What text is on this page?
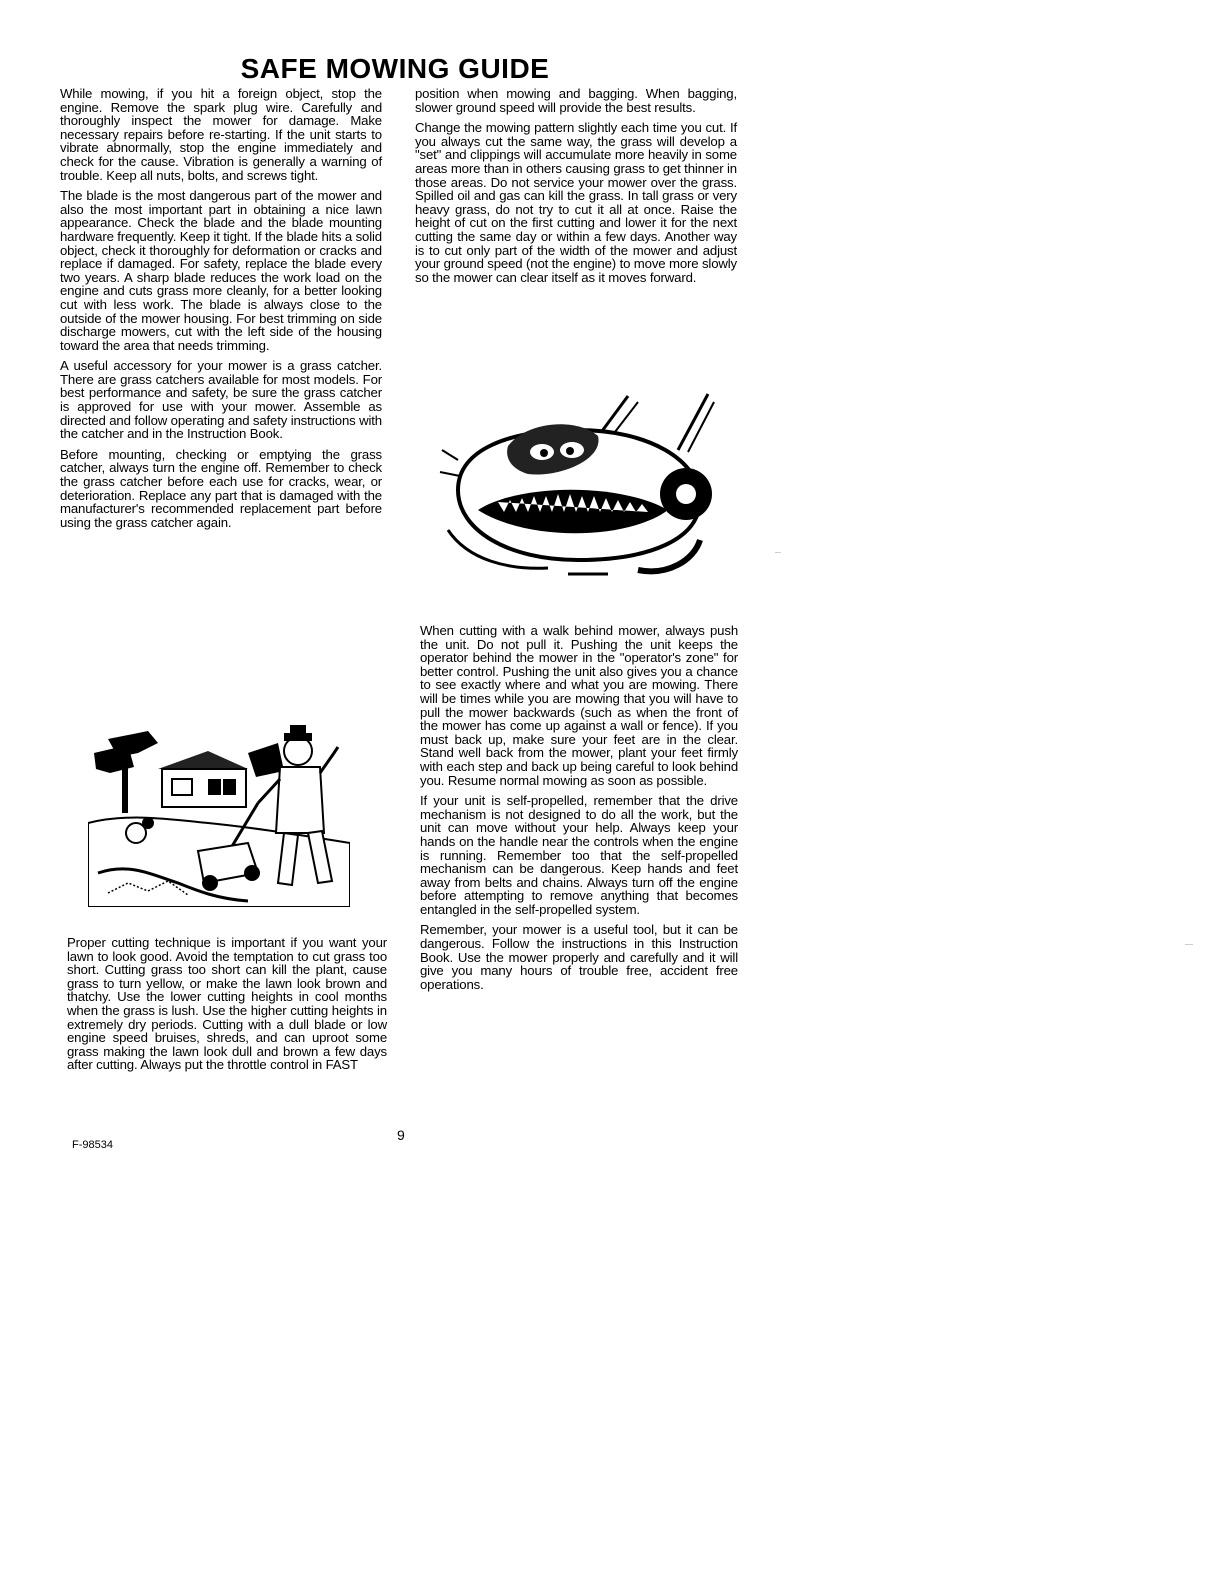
SAFE MOWING GUIDE

While mowing, if you hit a foreign object, stop the engine. Remove the spark plug wire. Carefully and thoroughly inspect the mower for damage. Make necessary repairs before re-starting. If the unit starts to vibrate abnormally, stop the engine immediately and check for the cause. Vibration is generally a warning of trouble. Keep all nuts, bolts, and screws tight.

The blade is the most dangerous part of the mower and also the most important part in obtaining a nice lawn appearance. Check the blade and the blade mounting hardware frequently. Keep it tight. If the blade hits a solid object, check it thoroughly for deformation or cracks and replace if damaged. For safety, replace the blade every two years. A sharp blade reduces the work load on the engine and cuts grass more cleanly, for a better looking cut with less work. The blade is always close to the outside of the mower housing. For best trimming on side discharge mowers, cut with the left side of the housing toward the area that needs trimming.

A useful accessory for your mower is a grass catcher. There are grass catchers available for most models. For best performance and safety, be sure the grass catcher is approved for use with your mower. Assemble as directed and follow operating and safety instructions with the catcher and in the Instruction Book.

Before mounting, checking or emptying the grass catcher, always turn the engine off. Remember to check the grass catcher before each use for cracks, wear, or deterioration. Replace any part that is damaged with the manufacturer's recommended replacement part before using the grass catcher again.

Proper cutting technique is important if you want your lawn to look good. Avoid the temptation to cut grass too short. Cutting grass too short can kill the plant, cause grass to turn yellow, or make the lawn look brown and thatchy. Use the lower cutting heights in cool months when the grass is lush. Use the higher cutting heights in extremely dry periods. Cutting with a dull blade or low engine speed bruises, shreds, and can uproot some grass making the lawn look dull and brown a few days after cutting. Always put the throttle control in FAST

position when mowing and bagging. When bagging, slower ground speed will provide the best results.

Change the mowing pattern slightly each time you cut. If you always cut the same way, the grass will develop a "set" and clippings will accumulate more heavily in some areas more than in others causing grass to get thinner in those areas. Do not service your mower over the grass. Spilled oil and gas can kill the grass. In tall grass or very heavy grass, do not try to cut it all at once. Raise the height of cut on the first cutting and lower it for the next cutting the same day or within a few days. Another way is to cut only part of the width of the mower and adjust your ground speed (not the engine) to move more slowly so the mower can clear itself as it moves forward.

When cutting with a walk behind mower, always push the unit. Do not pull it. Pushing the unit keeps the operator behind the mower in the "operator's zone" for better control. Pushing the unit also gives you a chance to see exactly where and what you are mowing. There will be times while you are mowing that you will have to pull the mower backwards (such as when the front of the mower has come up against a wall or fence). If you must back up, make sure your feet are in the clear. Stand well back from the mower, plant your feet firmly with each step and back up being careful to look behind you. Resume normal mowing as soon as possible.

If your unit is self-propelled, remember that the drive mechanism is not designed to do all the work, but the unit can move without your help. Always keep your hands on the handle near the controls when the engine is running. Remember too that the self-propelled mechanism can be dangerous. Keep hands and feet away from belts and chains. Always turn off the engine before attempting to remove anything that becomes entangled in the self-propelled system.

Remember, your mower is a useful tool, but it can be dangerous. Follow the instructions in this Instruction Book. Use the mower properly and carefully and it will give you many hours of trouble free, accident free operations.

F-98534
9
